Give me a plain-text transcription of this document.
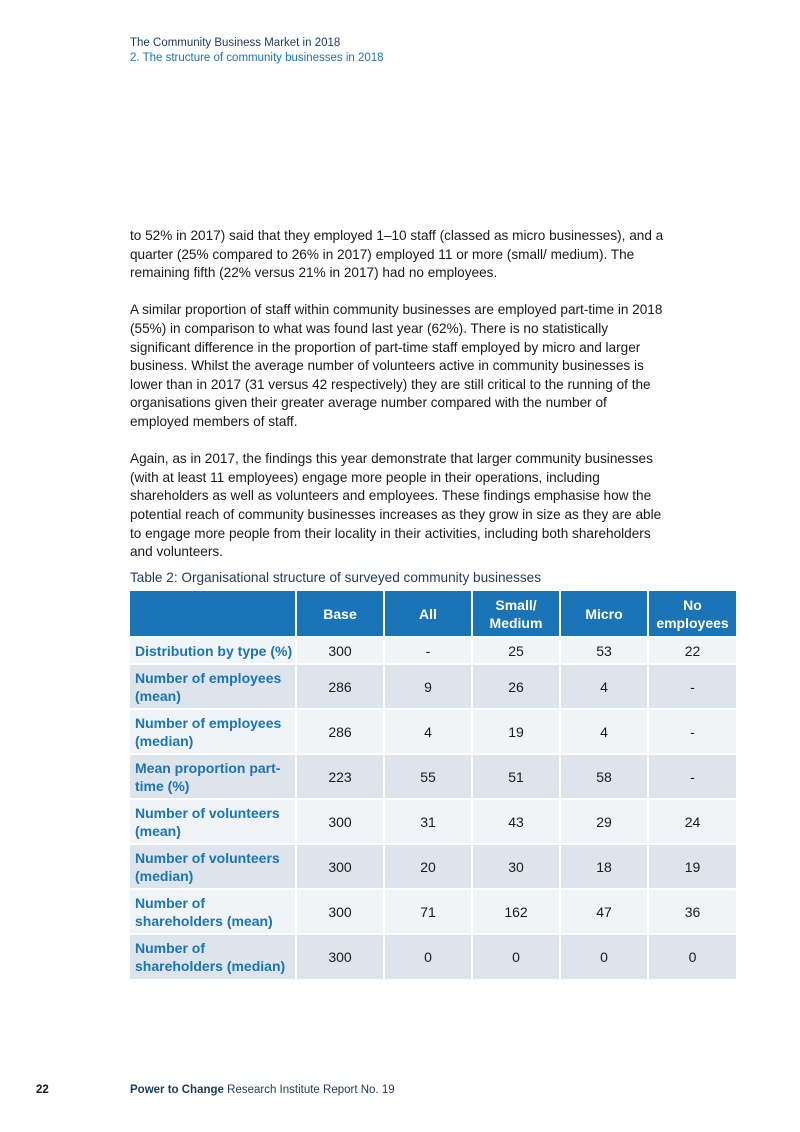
The Community Business Market in 2018
2. The structure of community businesses in 2018

to 52% in 2017) said that they employed 1–10 staff (classed as micro businesses), and a quarter (25% compared to 26% in 2017) employed 11 or more (small/ medium). The remaining fifth (22% versus 21% in 2017) had no employees.

A similar proportion of staff within community businesses are employed part-time in 2018 (55%) in comparison to what was found last year (62%). There is no statistically significant difference in the proportion of part-time staff employed by micro and larger business. Whilst the average number of volunteers active in community businesses is lower than in 2017 (31 versus 42 respectively) they are still critical to the running of the organisations given their greater average number compared with the number of employed members of staff.

Again, as in 2017, the findings this year demonstrate that larger community businesses (with at least 11 employees) engage more people in their operations, including shareholders as well as volunteers and employees. These findings emphasise how the potential reach of community businesses increases as they grow in size as they are able to engage more people from their locality in their activities, including both shareholders and volunteers.

Table 2: Organisational structure of surveyed community businesses
	Base	All	Small/ Medium	Micro	No employees
Distribution by type (%)	300	-	25	53	22
Number of employees (mean)	286	9	26	4	-
Number of employees (median)	286	4	19	4	-
Mean proportion part-time (%)	223	55	51	58	-
Number of volunteers (mean)	300	31	43	29	24
Number of volunteers (median)	300	20	30	18	19
Number of shareholders (mean)	300	71	162	47	36
Number of shareholders (median)	300	0	0	0	0
22	Power to Change Research Institute Report No. 19
